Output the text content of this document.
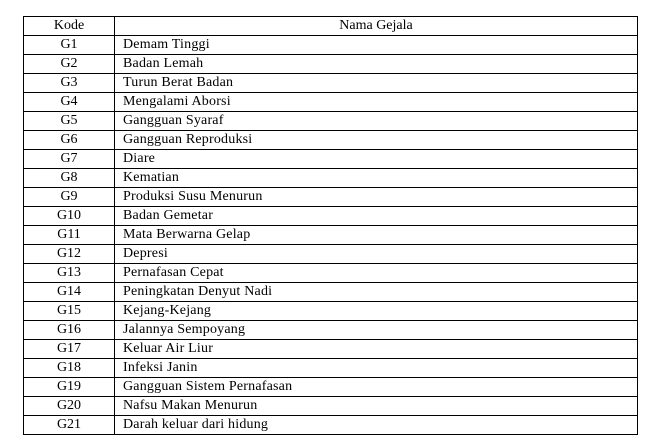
Kode	Nama Gejala
G1	Demam Tinggi
G2	Badan Lemah
G3	Turun Berat Badan
G4	Mengalami Aborsi
G5	Gangguan Syaraf
G6	Gangguan Reproduksi
G7	Diare
G8	Kematian
G9	Produksi Susu Menurun
G10	Badan Gemetar
G11	Mata Berwarna Gelap
G12	Depresi
G13	Pernafasan Cepat
G14	Peningkatan Denyut Nadi
G15	Kejang-Kejang
G16	Jalannya Sempoyang
G17	Keluar Air Liur
G18	Infeksi Janin
G19	Gangguan Sistem Pernafasan
G20	Nafsu Makan Menurun
G21	Darah keluar dari hidung
